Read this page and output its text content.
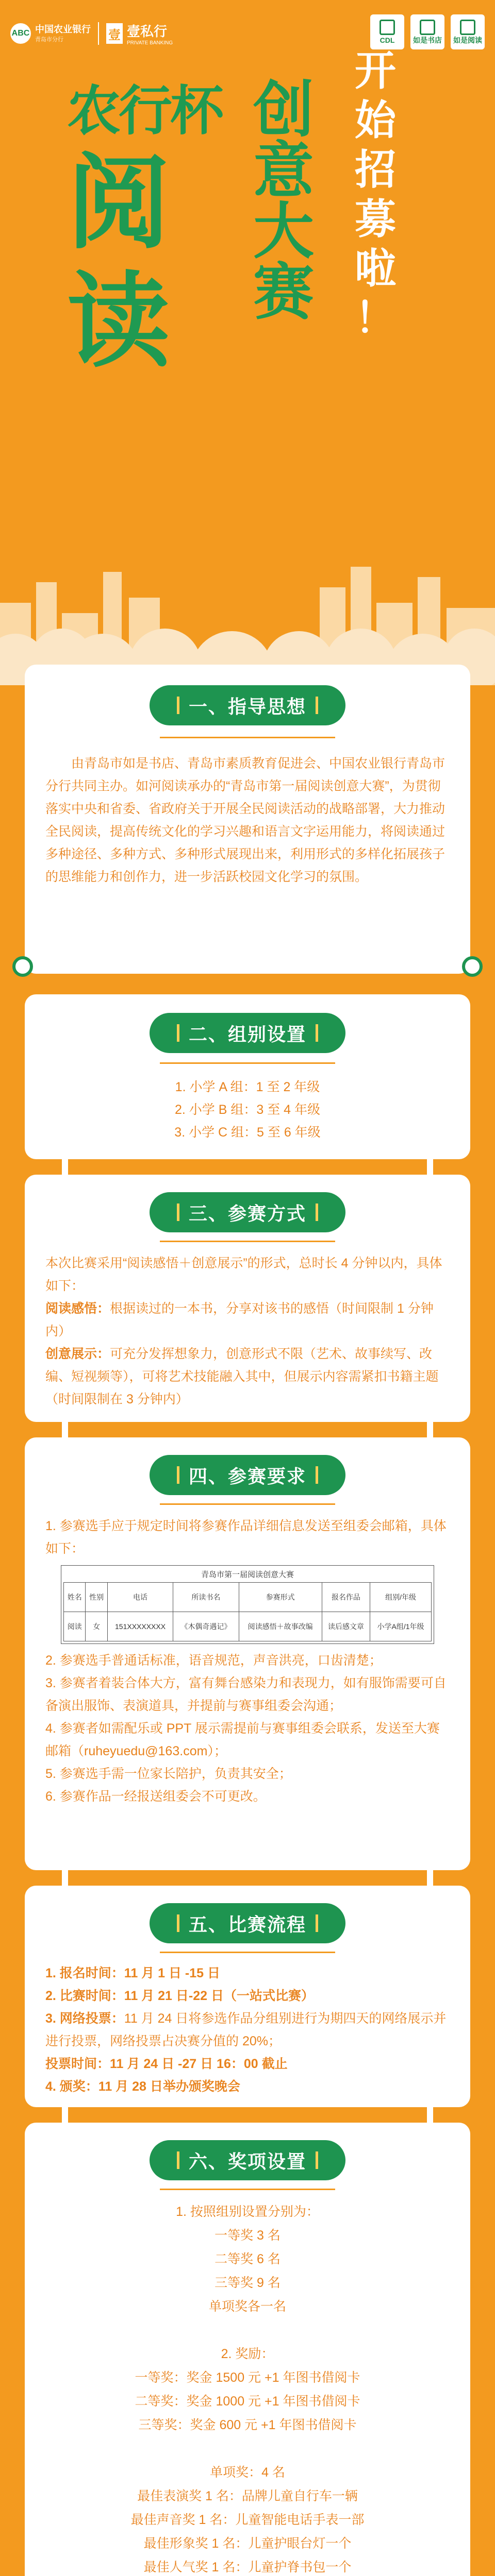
ABC 中国农业银行
青岛市分行	壹 壹私行
PRIVATE BANKING	CDL	如是书店 如是阅读
农行杯
阅读
创意大赛
开
始
招
募
啦
！
一、指导思想
由青岛市如是书店、青岛市素质教育促进会、中国农业银行青岛市分行共同主办。如河阅读承办的“青岛市第一届阅读创意大赛”，为贯彻落实中央和省委、省政府关于开展全民阅读活动的战略部署，大力推动全民阅读，提高传统文化的学习兴趣和语言文字运用能力，将阅读通过多种途径、多种方式、多种形式展现出来，利用形式的多样化拓展孩子的思维能力和创作力，进一步活跃校园文化学习的氛围。
二、组别设置
1. 小学 A 组：1 至 2 年级
2. 小学 B 组：3 至 4 年级
3. 小学 C 组：5 至 6 年级
三、参赛方式
本次比赛采用“阅读感悟＋创意展示”的形式，总时长 4 分钟以内，具体如下：
阅读感悟：根据读过的一本书，分享对该书的感悟（时间限制 1 分钟内）
创意展示：可充分发挥想象力，创意形式不限（艺术、故事续写、改编、短视频等），可将艺术技能融入其中，但展示内容需紧扣书籍主题（时间限制在 3 分钟内）
四、参赛要求
1. 参赛选手应于规定时间将参赛作品详细信息发送至组委会邮箱，具体如下：
青岛市第一届阅读创意大赛
姓名	性别	电话	所读书名	参赛形式	报名作品	组别/年级
阅读	女	151XXXXXXXX	《木偶奇遇记》	阅读感悟＋故事改编	读后感文章	小学A组/1年级
2. 参赛选手普通话标准，语音规范，声音洪亮，口齿清楚；
3. 参赛者着装合体大方，富有舞台感染力和表现力，如有服饰需要可自备演出服饰、表演道具，并提前与赛事组委会沟通；
4. 参赛者如需配乐或 PPT 展示需提前与赛事组委会联系，发送至大赛邮箱（ruheyuedu@163.com）；
5. 参赛选手需一位家长陪护，负责其安全；
6. 参赛作品一经报送组委会不可更改。
五、比赛流程
1. 报名时间：11 月 1 日 -15 日
2. 比赛时间：11 月 21 日-22 日（一站式比赛）
3. 网络投票：11 月 24 日将参选作品分组别进行为期四天的网络展示并进行投票，网络投票占决赛分值的 20%；
投票时间：11 月 24 日 -27 日 16：00 截止
4. 颁奖：11 月 28 日举办颁奖晚会
六、奖项设置
1. 按照组别设置分别为：
一等奖 3 名
二等奖 6 名
三等奖 9 名
单项奖各一名
2. 奖励：
一等奖：奖金 1500 元 +1 年图书借阅卡
二等奖：奖金 1000 元 +1 年图书借阅卡
三等奖：奖金 600 元 +1 年图书借阅卡
单项奖：4 名
最佳表演奖 1 名：品牌儿童自行车一辆
最佳声音奖 1 名：儿童智能电话手表一部
最佳形象奖 1 名：儿童护眼台灯一个
最佳人气奖 1 名：儿童护脊书包一个
